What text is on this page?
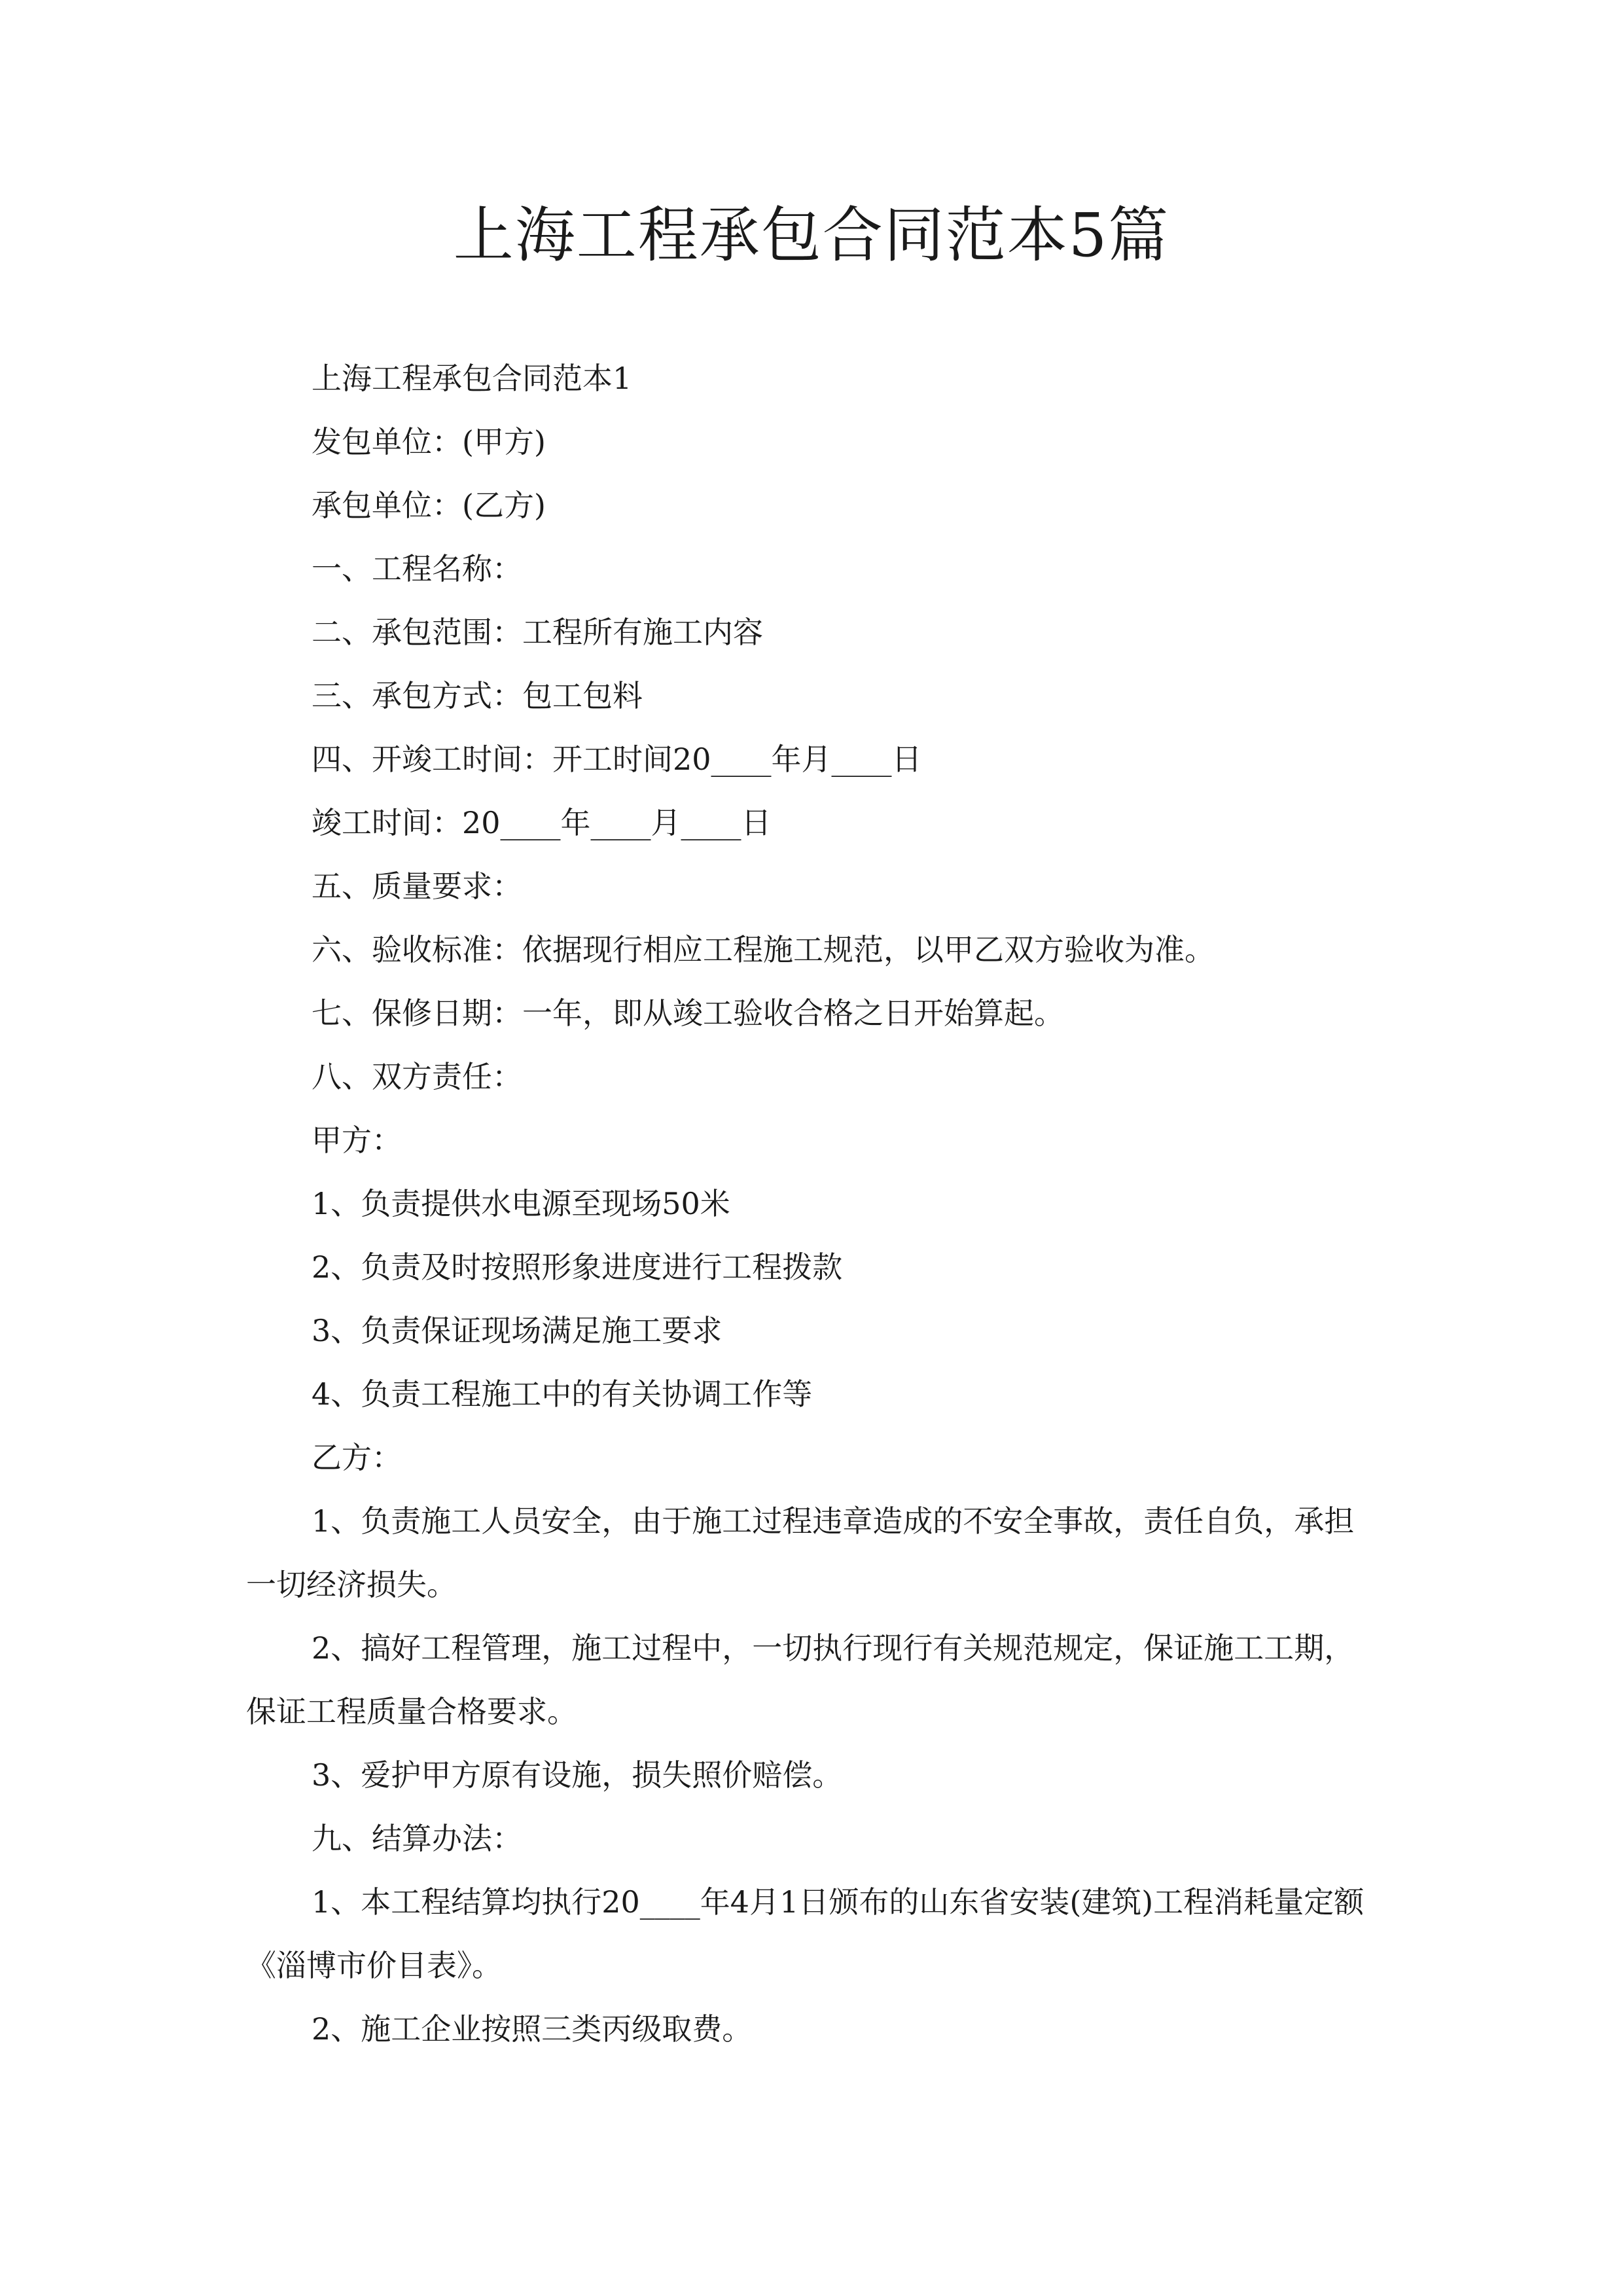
上海工程承包合同范本5篇

上海工程承包合同范本1

发包单位：(甲方)

承包单位：(乙方)

一、工程名称：

二、承包范围：工程所有施工内容

三、承包方式：包工包料

四、开竣工时间：开工时间20____年月____日

竣工时间：20____年____月____日

五、质量要求：

六、验收标准：依据现行相应工程施工规范，以甲乙双方验收为准。

七、保修日期：一年，即从竣工验收合格之日开始算起。

八、双方责任：

甲方：

1、负责提供水电源至现场50米

2、负责及时按照形象进度进行工程拨款

3、负责保证现场满足施工要求

4、负责工程施工中的有关协调工作等

乙方：

1、负责施工人员安全，由于施工过程违章造成的不安全事故，责任自负，承担一切经济损失。

2、搞好工程管理，施工过程中，一切执行现行有关规范规定，保证施工工期，保证工程质量合格要求。

3、爱护甲方原有设施，损失照价赔偿。

九、结算办法：

1、本工程结算均执行20____年4月1日颁布的山东省安装(建筑)工程消耗量定额《淄博市价目表》。

2、施工企业按照三类丙级取费。
